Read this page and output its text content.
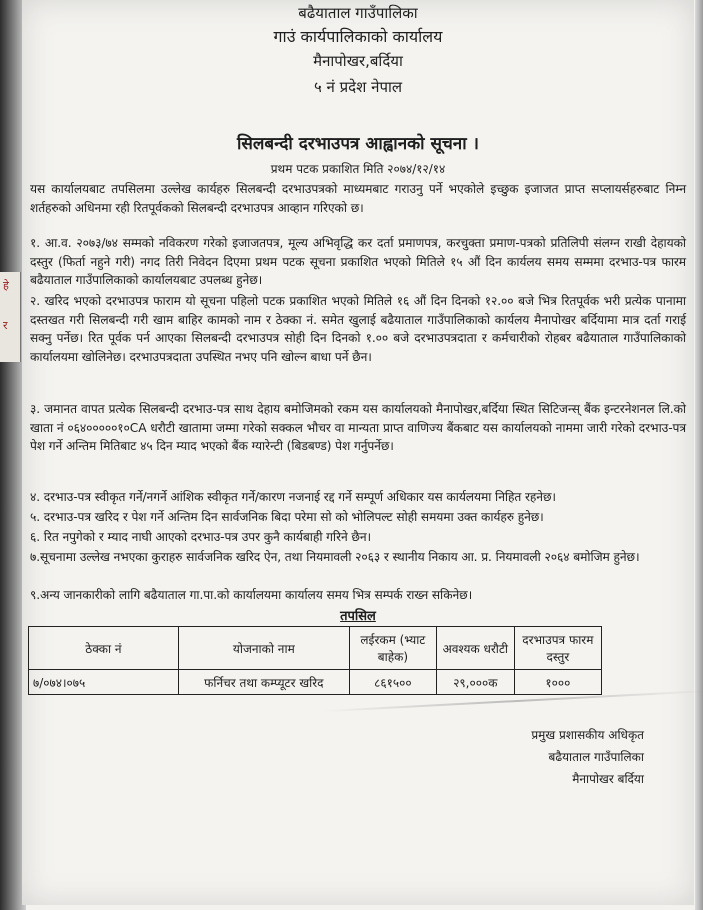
हे
र
बढैयाताल गाउँपालिका
गाउं कार्यपालिकाको कार्यालय
मैनापोखर,बर्दिया
५ नं प्रदेश नेपाल
सिलबन्दी दरभाउपत्र आह्वानको सूचना ।
प्रथम पटक प्रकाशित मिति २०७४/१२/१४
यस कार्यालयबाट तपसिलमा उल्लेख कार्यहरु सिलबन्दी दरभाउपत्रको माध्यमबाट गराउनु पर्ने भएकोले इच्छुक इजाजत प्राप्त सप्लायर्सहरुबाट निम्न शर्तहरुको अधिनमा रही रितपूर्वकको सिलबन्दी दरभाउपत्र आव्हान गरिएको छ।
१. आ.व. २०७३/७४ सम्मको नविकरण गरेको इजाजतपत्र, मूल्य अभिवृद्धि कर दर्ता प्रमाणपत्र, करचुक्ता प्रमाण-पत्रको प्रतिलिपी संलग्न राखी देहायको दस्तुर (फिर्ता नहुने गरी) नगद तिरी निवेदन दिएमा प्रथम पटक सूचना प्रकाशित भएको मितिले १५ औं दिन कार्यलय समय सम्ममा दरभाउ-पत्र फारम बढैयाताल गाउँपालिकाको कार्यालयबाट उपलब्ध हुनेछ।
२. खरिद भएको दरभाउपत्र फाराम यो सूचना पहिलो पटक प्रकाशित भएको मितिले १६ औं दिन दिनको १२.०० बजे भित्र रितपूर्वक भरी प्रत्येक पानामा दस्तखत गरी सिलबन्दी गरी खाम बाहिर कामको नाम र ठेक्का नं. समेत खुलाई बढैयाताल गाउँपालिकाको कार्यलय मैनापोखर बर्दियामा मात्र दर्ता गराई सक्नु पर्नेछ। रित पूर्वक पर्न आएका सिलबन्दी दरभाउपत्र सोही दिन दिनको १.०० बजे दरभाउपत्रदाता र कर्मचारीको रोहबर बढैयाताल गाउँपालिकाको कार्यालयमा खोलिनेछ। दरभाउपत्रदाता उपस्थित नभए पनि खोल्न बाधा पर्ने छैन।
३. जमानत वापत प्रत्येक सिलबन्दी दरभाउ-पत्र साथ देहाय बमोजिमको रकम यस कार्यालयको मैनापोखर,बर्दिया स्थित सिटिजन्स् बैंक इन्टरनेशनल लि.को खाता नं ०६४०००००१०CA धरौटी खातामा जम्मा गरेको सक्कल भौचर वा मान्यता प्राप्त वाणिज्य बैंकबाट यस कार्यालयको नाममा जारी गरेको दरभाउ-पत्र पेश गर्ने अन्तिम मितिबाट ४५ दिन म्याद भएको बैंक ग्यारेन्टी (बिडबण्ड) पेश गर्नुपर्नेछ।
४. दरभाउ-पत्र स्वीकृत गर्ने/नगर्ने आंशिक स्वीकृत गर्ने/कारण नजनाई रद्द गर्ने सम्पूर्ण अधिकार यस कार्यलयमा निहित रहनेछ।
५. दरभाउ-पत्र खरिद र पेश गर्ने अन्तिम दिन सार्वजनिक बिदा परेमा सो को भोलिपल्ट सोही समयमा उक्त कार्यहरु हुनेछ।
६. रित नपुगेको र म्याद नाघी आएको दरभाउ-पत्र उपर कुनै कार्यबाही गरिने छैन।
७.सूचनामा उल्लेख नभएका कुराहरु सार्वजनिक खरिद ऐन, तथा नियमावली २०६३ र स्थानीय निकाय आ. प्र. नियमावली २०६४ बमोजिम हुनेछ।
९.अन्य जानकारीको लागि बढैयाताल गा.पा.को कार्यालयमा कार्यालय समय भित्र सम्पर्क राख्न सकिनेछ।
तपसिल
ठेक्का नं	योजनाको नाम	लईरकम (भ्याट बाहेक)	अवश्यक धरौटी	दरभाउपत्र फारम दस्तुर
७/०७४।०७५	फर्निचर तथा कम्प्यूटर खरिद	८६१५००	२९,०००क	१०००
प्रमुख प्रशासकीय अधिकृत
बढैयाताल गाउँपालिका
मैनापोखर बर्दिया
